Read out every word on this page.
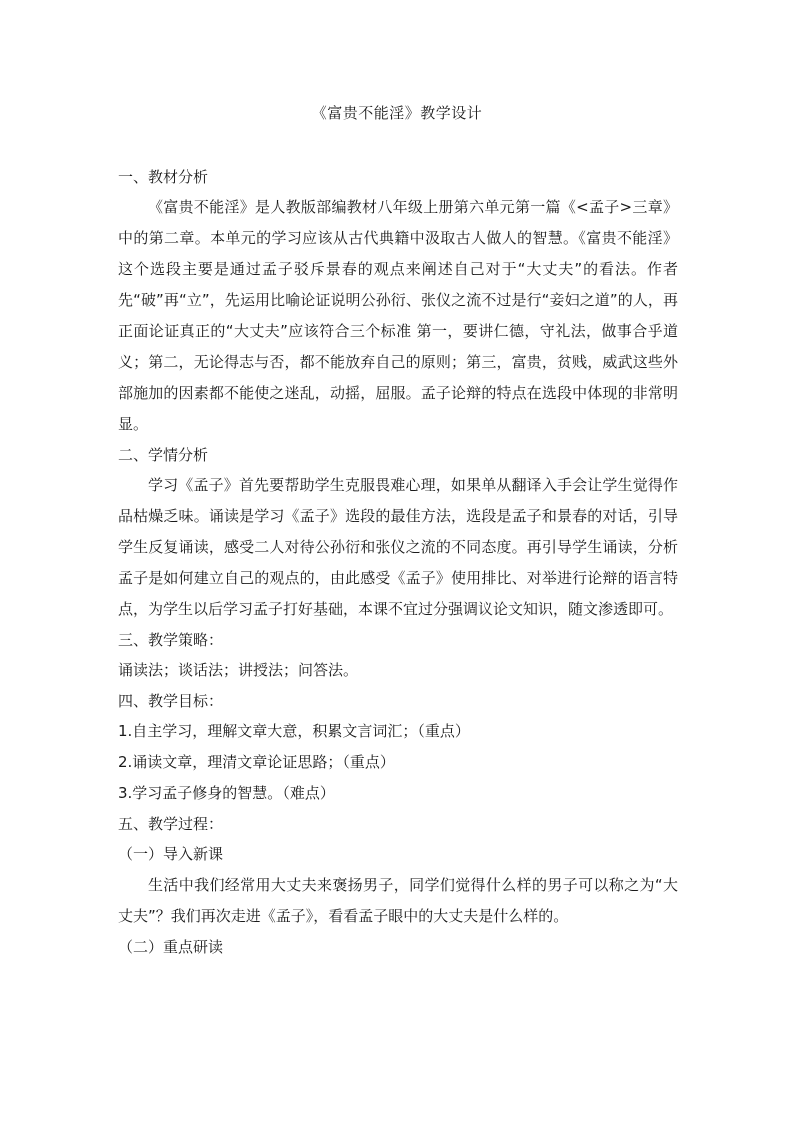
《富贵不能淫》教学设计

一、教材分析

《富贵不能淫》是人教版部编教材八年级上册第六单元第一篇《<孟子>三章》中的第二章。本单元的学习应该从古代典籍中汲取古人做人的智慧。《富贵不能淫》这个选段主要是通过孟子驳斥景春的观点来阐述自己对于“大丈夫”的看法。作者先“破”再“立”，先运用比喻论证说明公孙衍、张仪之流不过是行“妾妇之道”的人，再正面论证真正的“大丈夫”应该符合三个标准 第一，要讲仁德，守礼法，做事合乎道义；第二，无论得志与否，都不能放弃自己的原则；第三，富贵，贫贱，威武这些外部施加的因素都不能使之迷乱，动摇，屈服。孟子论辩的特点在选段中体现的非常明显。

二、学情分析

学习《孟子》首先要帮助学生克服畏难心理，如果单从翻译入手会让学生觉得作品枯燥乏味。诵读是学习《孟子》选段的最佳方法，选段是孟子和景春的对话，引导学生反复诵读，感受二人对待公孙衍和张仪之流的不同态度。再引导学生诵读，分析孟子是如何建立自己的观点的，由此感受《孟子》使用排比、对举进行论辩的语言特点，为学生以后学习孟子打好基础，本课不宜过分强调议论文知识，随文渗透即可。

三、教学策略：

诵读法；谈话法；讲授法；问答法。

四、教学目标：

1.自主学习，理解文章大意，积累文言词汇；（重点）

2.诵读文章，理清文章论证思路；（重点）

3.学习孟子修身的智慧。（难点）

五、教学过程：

（一）导入新课

生活中我们经常用大丈夫来褒扬男子，同学们觉得什么样的男子可以称之为“大丈夫”？我们再次走进《孟子》，看看孟子眼中的大丈夫是什么样的。

（二）重点研读
